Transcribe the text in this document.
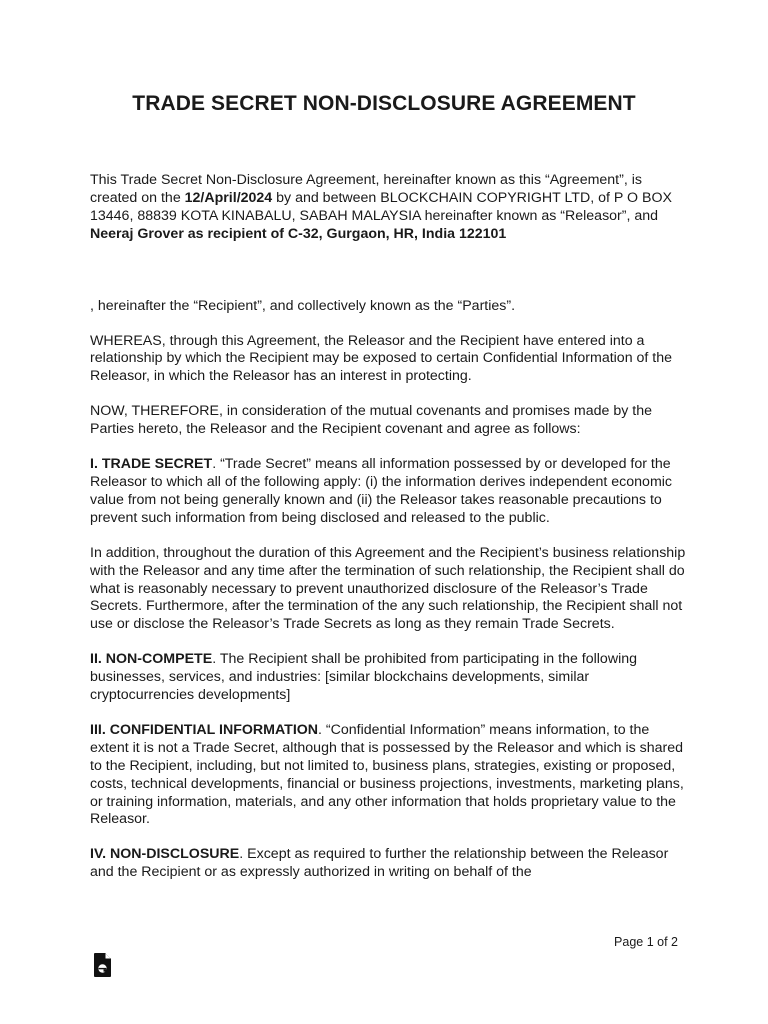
TRADE SECRET NON-DISCLOSURE AGREEMENT

This Trade Secret Non-Disclosure Agreement, hereinafter known as this “Agreement”, is created on the 12/April/2024 by and between BLOCKCHAIN COPYRIGHT LTD, of P O BOX 13446, 88839 KOTA KINABALU, SABAH MALAYSIA hereinafter known as “Releasor”, and Neeraj Grover as recipient of C-32, Gurgaon, HR, India 122101

, hereinafter the “Recipient”, and collectively known as the “Parties”.

WHEREAS, through this Agreement, the Releasor and the Recipient have entered into a relationship by which the Recipient may be exposed to certain Confidential Information of the Releasor, in which the Releasor has an interest in protecting.

NOW, THEREFORE, in consideration of the mutual covenants and promises made by the Parties hereto, the Releasor and the Recipient covenant and agree as follows:

I. TRADE SECRET. “Trade Secret” means all information possessed by or developed for the Releasor to which all of the following apply: (i) the information derives independent economic value from not being generally known and (ii) the Releasor takes reasonable precautions to prevent such information from being disclosed and released to the public.

In addition, throughout the duration of this Agreement and the Recipient’s business relationship with the Releasor and any time after the termination of such relationship, the Recipient shall do what is reasonably necessary to prevent unauthorized disclosure of the Releasor’s Trade Secrets. Furthermore, after the termination of the any such relationship, the Recipient shall not use or disclose the Releasor’s Trade Secrets as long as they remain Trade Secrets.

II. NON-COMPETE. The Recipient shall be prohibited from participating in the following businesses, services, and industries: [similar blockchains developments, similar cryptocurrencies developments]

III. CONFIDENTIAL INFORMATION. “Confidential Information” means information, to the extent it is not a Trade Secret, although that is possessed by the Releasor and which is shared to the Recipient, including, but not limited to, business plans, strategies, existing or proposed, costs, technical developments, financial or business projections, investments, marketing plans, or training information, materials, and any other information that holds proprietary value to the Releasor.

IV. NON-DISCLOSURE. Except as required to further the relationship between the Releasor and the Recipient or as expressly authorized in writing on behalf of the

Page 1 of 2
